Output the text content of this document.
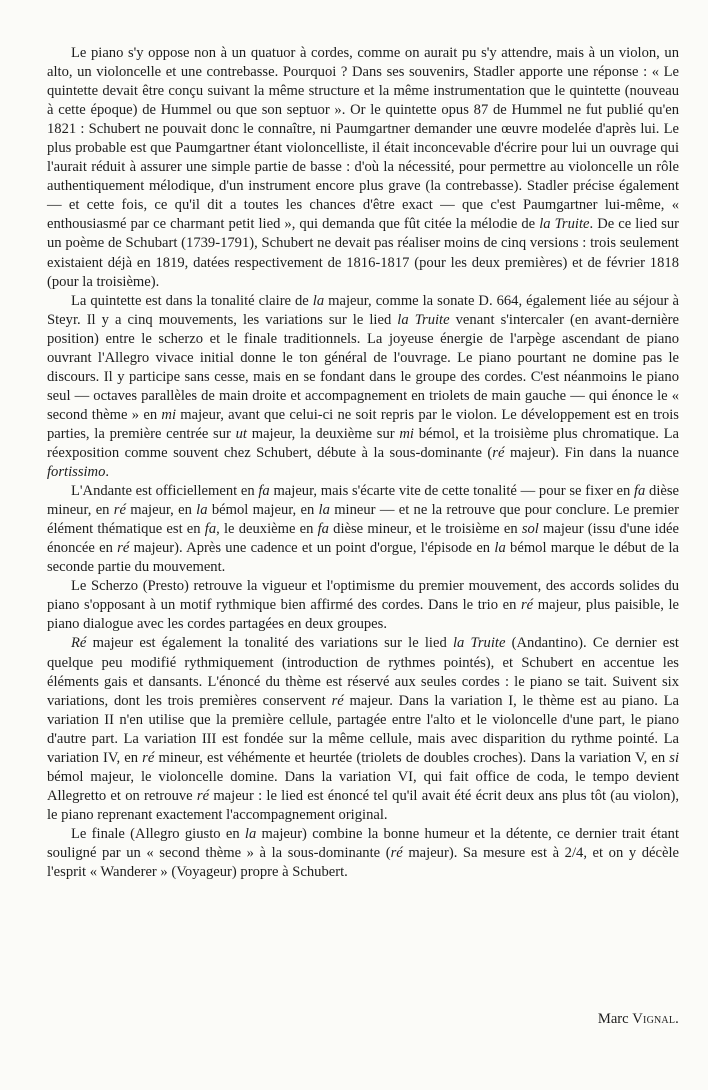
Le piano s'y oppose non à un quatuor à cordes, comme on aurait pu s'y attendre, mais à un violon, un alto, un violoncelle et une contrebasse. Pourquoi ? Dans ses souvenirs, Stadler apporte une réponse : « Le quintette devait être conçu suivant la même structure et la même instrumentation que le quintette (nouveau à cette époque) de Hummel ou que son septuor ». Or le quintette opus 87 de Hummel ne fut publié qu'en 1821 : Schubert ne pouvait donc le connaître, ni Paumgartner demander une œuvre modelée d'après lui. Le plus probable est que Paumgartner étant violoncelliste, il était inconcevable d'écrire pour lui un ouvrage qui l'aurait réduit à assurer une simple partie de basse : d'où la nécessité, pour permettre au violoncelle un rôle authentiquement mélodique, d'un instrument encore plus grave (la contrebasse). Stadler précise également — et cette fois, ce qu'il dit a toutes les chances d'être exact — que c'est Paumgartner lui-même, « enthousiasmé par ce charmant petit lied », qui demanda que fût citée la mélodie de la Truite. De ce lied sur un poème de Schubart (1739-1791), Schubert ne devait pas réaliser moins de cinq versions : trois seulement existaient déjà en 1819, datées respectivement de 1816-1817 (pour les deux premières) et de février 1818 (pour la troisième).

La quintette est dans la tonalité claire de la majeur, comme la sonate D. 664, également liée au séjour à Steyr. Il y a cinq mouvements, les variations sur le lied la Truite venant s'intercaler (en avant-dernière position) entre le scherzo et le finale traditionnels. La joyeuse énergie de l'arpège ascendant de piano ouvrant l'Allegro vivace initial donne le ton général de l'ouvrage. Le piano pourtant ne domine pas le discours. Il y participe sans cesse, mais en se fondant dans le groupe des cordes. C'est néanmoins le piano seul — octaves parallèles de main droite et accompagnement en triolets de main gauche — qui énonce le « second thème » en mi majeur, avant que celui-ci ne soit repris par le violon. Le développement est en trois parties, la première centrée sur ut majeur, la deuxième sur mi bémol, et la troisième plus chromatique. La réexposition comme souvent chez Schubert, débute à la sous-dominante (ré majeur). Fin dans la nuance fortissimo.

L'Andante est officiellement en fa majeur, mais s'écarte vite de cette tonalité — pour se fixer en fa dièse mineur, en ré majeur, en la bémol majeur, en la mineur — et ne la retrouve que pour conclure. Le premier élément thématique est en fa, le deuxième en fa dièse mineur, et le troisième en sol majeur (issu d'une idée énoncée en ré majeur). Après une cadence et un point d'orgue, l'épisode en la bémol marque le début de la seconde partie du mouvement.

Le Scherzo (Presto) retrouve la vigueur et l'optimisme du premier mouvement, des accords solides du piano s'opposant à un motif rythmique bien affirmé des cordes. Dans le trio en ré majeur, plus paisible, le piano dialogue avec les cordes partagées en deux groupes.

Ré majeur est également la tonalité des variations sur le lied la Truite (Andantino). Ce dernier est quelque peu modifié rythmiquement (introduction de rythmes pointés), et Schubert en accentue les éléments gais et dansants. L'énoncé du thème est réservé aux seules cordes : le piano se tait. Suivent six variations, dont les trois premières conservent ré majeur. Dans la variation I, le thème est au piano. La variation II n'en utilise que la première cellule, partagée entre l'alto et le violoncelle d'une part, le piano d'autre part. La variation III est fondée sur la même cellule, mais avec disparition du rythme pointé. La variation IV, en ré mineur, est véhémente et heurtée (triolets de doubles croches). Dans la variation V, en si bémol majeur, le violoncelle domine. Dans la variation VI, qui fait office de coda, le tempo devient Allegretto et on retrouve ré majeur : le lied est énoncé tel qu'il avait été écrit deux ans plus tôt (au violon), le piano reprenant exactement l'accompagnement original.

Le finale (Allegro giusto en la majeur) combine la bonne humeur et la détente, ce dernier trait étant souligné par un « second thème » à la sous-dominante (ré majeur). Sa mesure est à 2/4, et on y décèle l'esprit « Wanderer » (Voyageur) propre à Schubert.

Marc Vignal.
